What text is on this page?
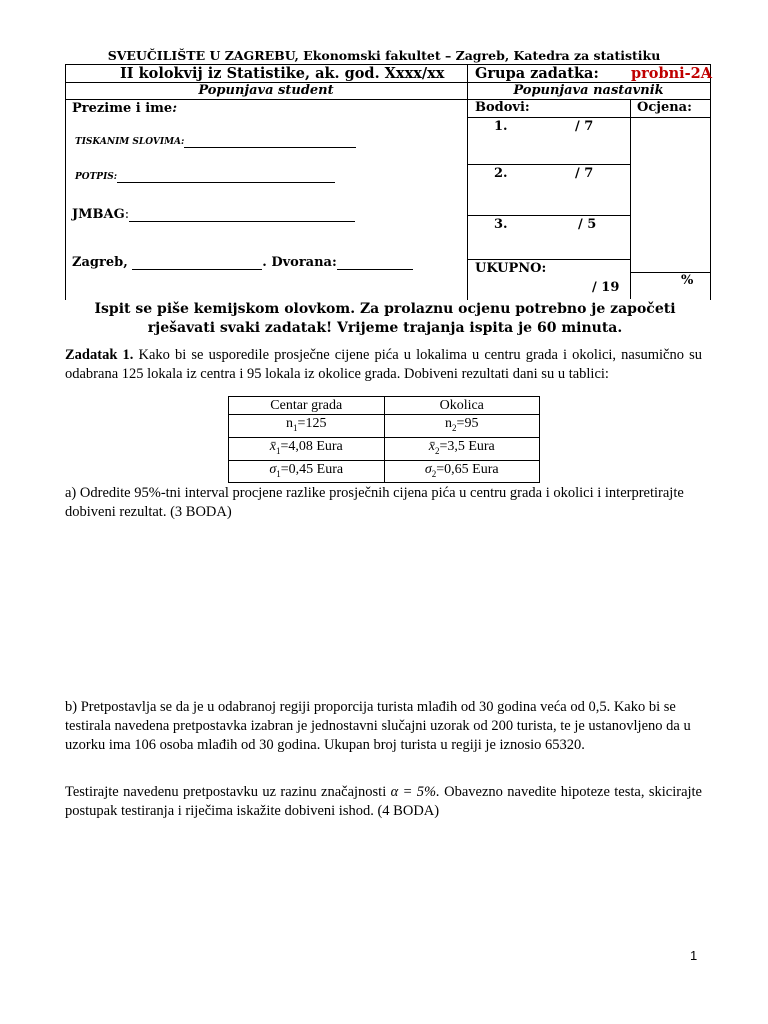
SVEUČILIŠTE U ZAGREBU, Ekonomski fakultet – Zagreb, Katedra za statistiku
II kolokvij iz Statistike, ak. god. Xxxx/xx Grupa zadatka: probni-2A
Popunjava student	Popunjava nastavnik
Prezime i ime:
TISKANIM SLOVIMA:
POTPIS:
JMBAG:
Zagreb,	. Dvorana:
Bodovi:	Ocjena:
1.	/ 7
2.	/ 7
3.	/ 5
UKUPNO:
/ 19	%
Ispit se piše kemijskom olovkom. Za prolaznu ocjenu potrebno je započeti rješavati svaki zadatak! Vrijeme trajanja ispita je 60 minuta.
Zadatak 1. Kako bi se usporedile prosječne cijene pića u lokalima u centru grada i okolici, nasumično su odabrana 125 lokala iz centra i 95 lokala iz okolice grada. Dobiveni rezultati dani su u tablici:
Centar grada	Okolica
$n_1=125$	$n_2=95$
$x̄_1=4,08$ Eura	$x̄_2=3,5$ Eura
$\sigma_1=0,45$ Eura	$\sigma_2=0,65$ Eura
a) Odredite 95%-tni interval procjene razlike prosječnih cijena pića u centru grada i okolici i interpretirajte dobiveni rezultat. (3 BODA)
b) Pretpostavlja se da je u odabranoj regiji proporcija turista mlađih od 30 godina veća od 0,5. Kako bi se testirala navedena pretpostavka izabran je jednostavni slučajni uzorak od 200 turista, te je ustanovljeno da u uzorku ima 106 osoba mlađih od 30 godina. Ukupan broj turista u regiji je iznosio 65320.
Testirajte navedenu pretpostavku uz razinu značajnosti α = 5%. Obavezno navedite hipoteze testa, skicirajte postupak testiranja i riječima iskažite dobiveni ishod. (4 BODA)
1
